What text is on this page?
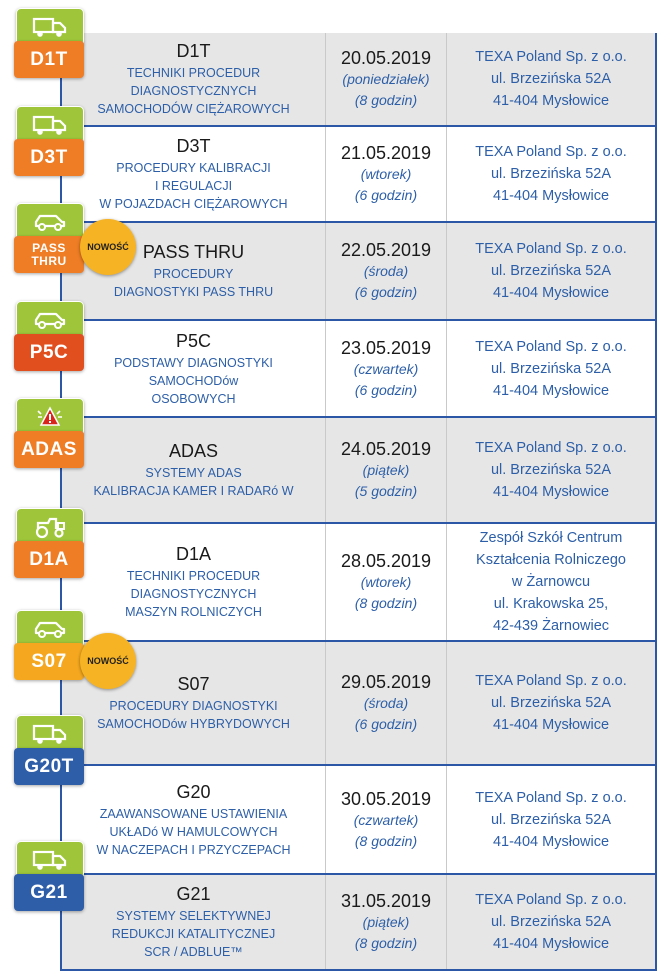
D1T
TECHNIKI PROCEDUR
DIAGNOSTYCZNYCH
SAMOCHODÓW CIĘŻAROWYCH
20.05.2019
(poniedziałek)
(8 godzin)
TEXA Poland Sp. z o.o.
ul. Brzezińska 52A
41-404 Mysłowice
D1T
D3T
PROCEDURY KALIBRACJI
I REGULACJI
W POJAZDACH CIĘŻAROWYCH
21.05.2019
(wtorek)
(6 godzin)
TEXA Poland Sp. z o.o.
ul. Brzezińska 52A
41-404 Mysłowice
D3T
PASS THRU
PROCEDURY
DIAGNOSTYKI PASS THRU
22.05.2019
(środa)
(6 godzin)
TEXA Poland Sp. z o.o.
ul. Brzezińska 52A
41-404 Mysłowice
PASS
THRU
NOWOŚĆ
P5C
PODSTAWY DIAGNOSTYKI
SAMOCHODów
OSOBOWYCH
23.05.2019
(czwartek)
(6 godzin)
TEXA Poland Sp. z o.o.
ul. Brzezińska 52A
41-404 Mysłowice
P5C
ADAS
SYSTEMY ADAS
KALIBRACJA KAMER I RADARó W
24.05.2019
(piątek)
(5 godzin)
TEXA Poland Sp. z o.o.
ul. Brzezińska 52A
41-404 Mysłowice
ADAS
D1A
TECHNIKI PROCEDUR
DIAGNOSTYCZNYCH
MASZYN ROLNICZYCH
28.05.2019
(wtorek)
(8 godzin)
Zespół Szkół Centrum
Kształcenia Rolniczego
w Żarnowcu
ul. Krakowska 25,
42-439 Żarnowiec
D1A
S07
PROCEDURY DIAGNOSTYKI
SAMOCHODów HYBRYDOWYCH
29.05.2019
(środa)
(6 godzin)
TEXA Poland Sp. z o.o.
ul. Brzezińska 52A
41-404 Mysłowice
S07	NOWOŚĆ
G20
ZAAWANSOWANE USTAWIENIA
UKŁADó W HAMULCOWYCH
W NACZEPACH I PRZYCZEPACH
30.05.2019
(czwartek)
(8 godzin)
TEXA Poland Sp. z o.o.
ul. Brzezińska 52A
41-404 Mysłowice
G20T
G21
SYSTEMY SELEKTYWNEJ
REDUKCJI KATALITYCZNEJ
SCR / ADBLUE™
31.05.2019
(piątek)
(8 godzin)
TEXA Poland Sp. z o.o.
ul. Brzezińska 52A
41-404 Mysłowice
G21
